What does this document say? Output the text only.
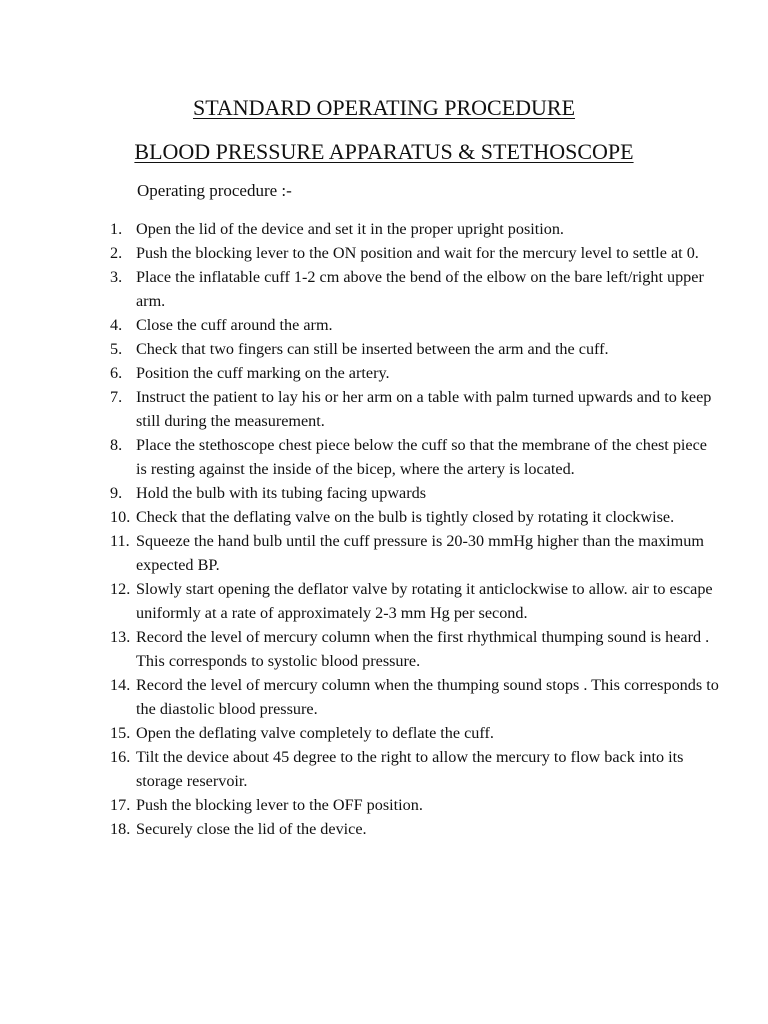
STANDARD OPERATING PROCEDURE
BLOOD PRESSURE APPARATUS & STETHOSCOPE
Operating procedure :-
1. Open the lid of the device and set it in the proper upright position.
2. Push the blocking lever to the ON position and wait for the mercury level to settle at 0.
3. Place the inflatable cuff 1-2 cm above the bend of the elbow on the bare left/right upper arm.
4. Close the cuff around the arm.
5. Check that two fingers can still be inserted between the arm and the cuff.
6. Position the cuff marking on the artery.
7. Instruct the patient to lay his or her arm on a table with palm turned upwards and to keep still during the measurement.
8. Place the stethoscope chest piece below the cuff so that the membrane of the chest piece is resting against the inside of the bicep, where the artery is located.
9. Hold the bulb with its tubing facing upwards
10. Check that the deflating valve on the bulb is tightly closed by rotating it clockwise.
11. Squeeze the hand bulb until the cuff pressure is 20-30 mmHg higher than the maximum expected BP.
12. Slowly start opening the deflator valve by rotating it anticlockwise to allow. air to escape uniformly at a rate of approximately 2-3 mm Hg per second.
13. Record the level of mercury column when the first rhythmical thumping sound is heard . This corresponds to systolic blood pressure.
14. Record the level of mercury column when the thumping sound stops . This corresponds to the diastolic blood pressure.
15. Open the deflating valve completely to deflate the cuff.
16. Tilt the device about 45 degree to the right to allow the mercury to flow back into its storage reservoir.
17. Push the blocking lever to the OFF position.
18. Securely close the lid of the device.
